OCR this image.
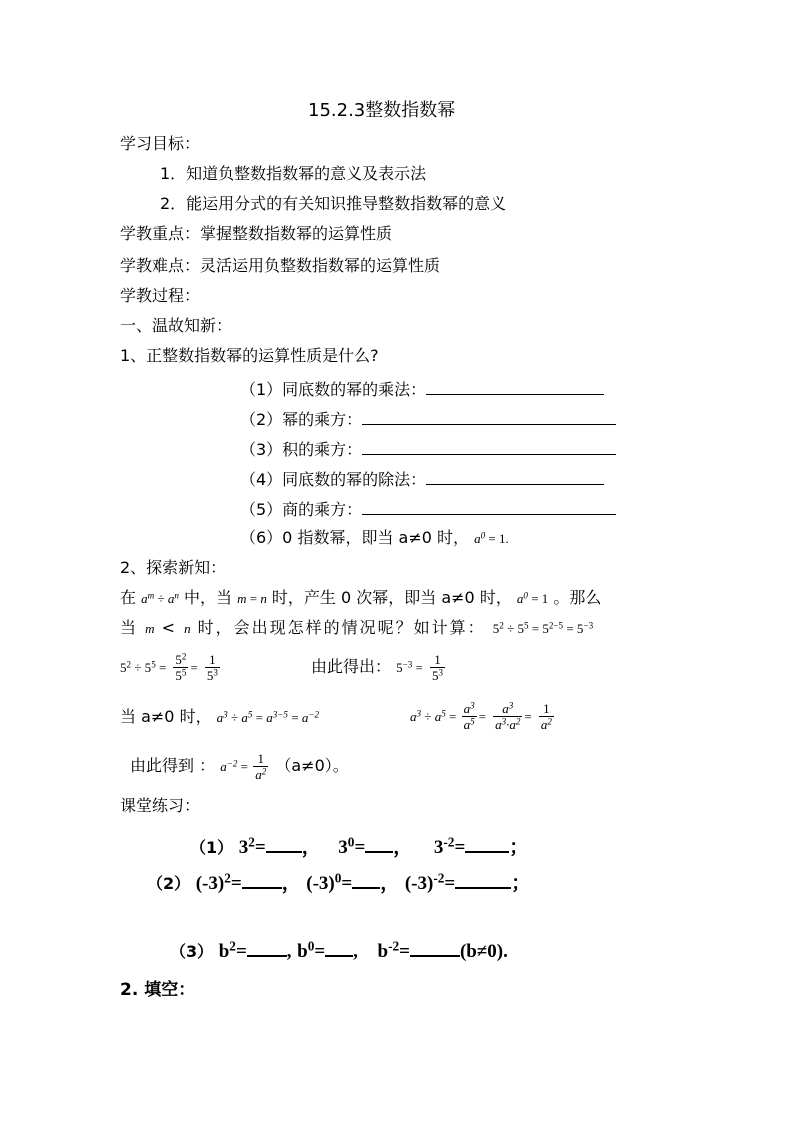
15.2.3整数指数幂
学习目标：
1．知道负整数指数幂的意义及表示法
2．能运用分式的有关知识推导整数指数幂的意义
学教重点：掌握整数指数幂的运算性质
学教难点：灵活运用负整数指数幂的运算性质
学教过程：
一、温故知新：
1、正整数指数幂的运算性质是什么?
（1）同底数的幂的乘法：
（2）幂的乘方：
（3）积的乘方：
（4）同底数的幂的除法：
（5）商的乘方：
（6）0 指数幂，即当 a≠0 时， $a^0 = 1$.
2、探索新知：
在 $a^m \div a^n$ 中，当 m = n 时，产生 0 次幂，即当 a≠0 时， $a^0 = 1$ 。那么
当 m < n 时，会出现怎样的情况呢？如计算： $5^2 \div 5^5 = 5^{2-5} = 5^{-3}$
$5^2 \div 5^5 = \frac{5^2}{5^5} = \frac{1}{5^3}$	由此得出： $5^{-3} = \frac{1}{5^3}$
当 a≠0 时， $a^3 \div a^5 = a^{3-5} = a^{-2}$	$a^3 \div a^5 = \frac{a^3}{a^5} = \frac{a^3}{a^3\cdot a^2} = \frac{1}{a^2}$
由此得到 ： $a^{-2} = \frac{1}{a^2} (a\ne 0)$。
课堂练习：
（1） $3^2=$ ， $3^0=$ ， $3^{-2}=$ ；
（2） $(-3)^2=$ ， $(-3)^0=$ ， $(-3)^{-2}=$	；
（3） $b^2=$ , $b^0=$ , $b^{-2}=$	(b≠0).
2. 填空：
